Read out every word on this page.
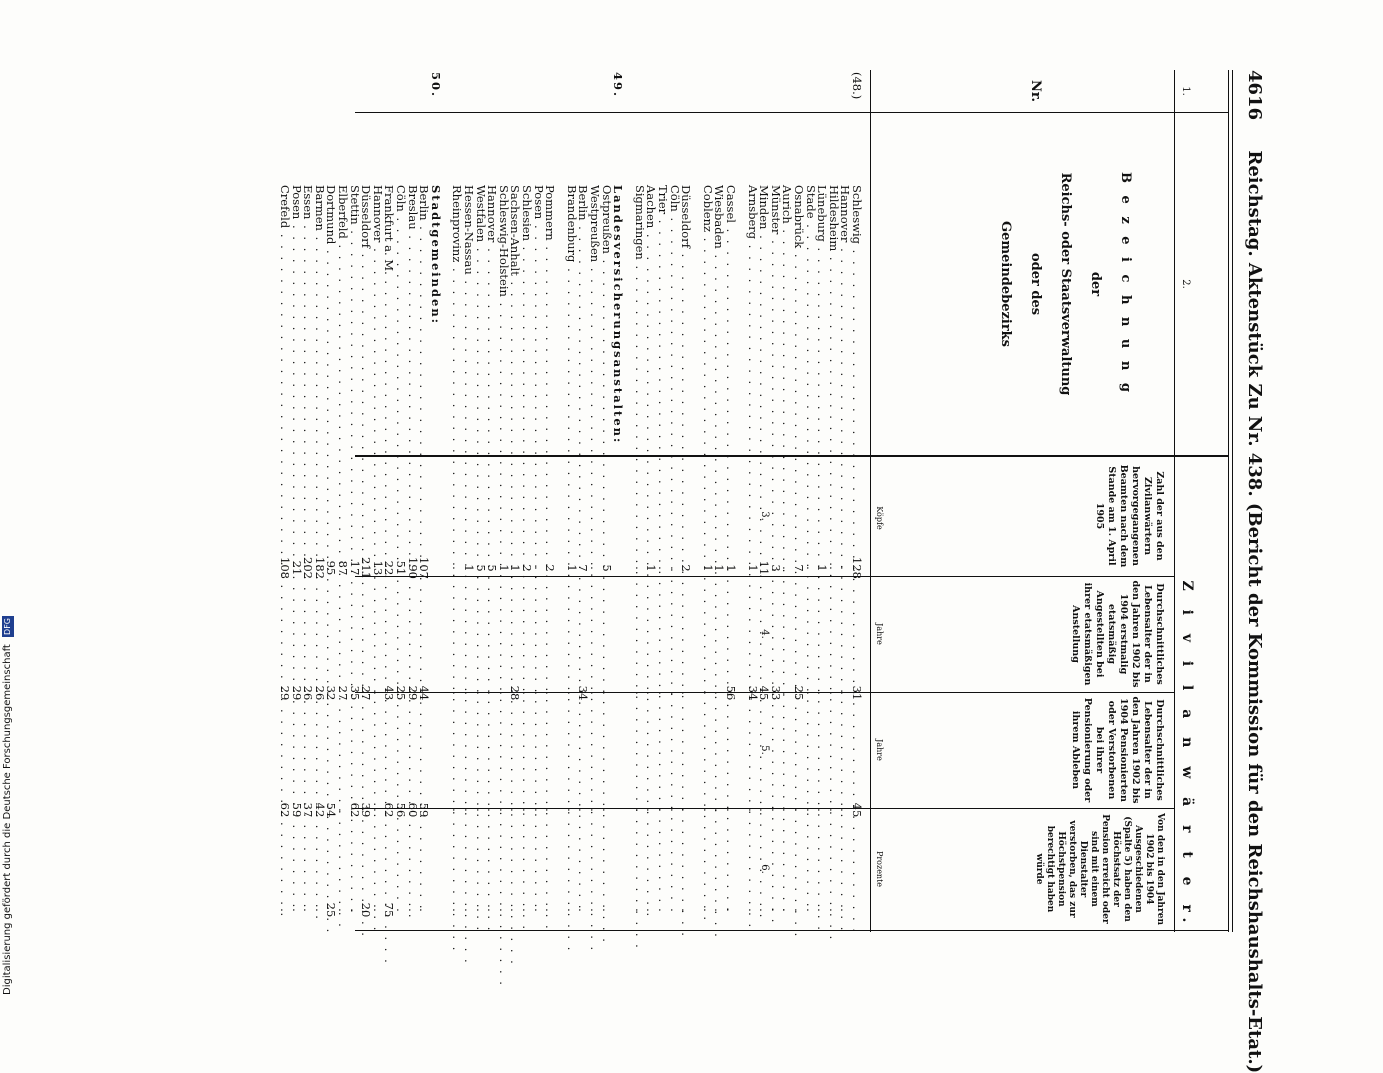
4616 Reichstag. Aktenstück Zu Nr. 438. (Bericht der Kommission für den Reichshaushalts-Etat.)
1.
2.
3.
4.
5.
6.
Nr.
B e z e i c h n u n g
der
Reichs- oder Staatsverwaltung
oder des
Gemeindebezirks
Z i v i l a n w ä r t e r.
Zahl der aus den Zivilanwärtern hervorgegangenen Beamten nach dem Stande am 1. April 1905
Durchschnittliches Lebensalter der in den Jahren 1902 bis 1904 erstmalig etatsmäßig Angestellten bei ihrer etatsmäßigen Anstellung
Durchschnittliches Lebensalter der in den Jahren 1902 bis 1904 Pensionierten oder Verstorbenen bei ihrer Pensionierung oder ihrem Ableben
Von den in den Jahren 1902 bis 1904 Ausgeschiedenen (Spalte 5) haben den Höchstsatz der Pension erreicht oder sind mit einem Dienstalter verstorben, das zur Höchstpension berechtigt haben würde
Köpfe
Jahre
Jahre
Prozente
(48.)
Schleswig . . .
128
31
45
Hannover . . .
.
.
.
.
Hildesheim . . .
.
.
.
.
Lüneburg . . .
1
.
.
.
Stade . . .
.
.
.
.
Osnabrück . . .
7
25
.
.
Aurich . . .
.
.
.
.
Münster . . .
3
33
.
.
Minden . . .
11
45
.
.
Arnsberg . . .
1
34
.
.
Cassel . . .
1
56
.
.
Wiesbaden . . .
1
.
.
.
Coblenz . . .
1
.
.
.
Düsseldorf . . .
2
.
.
.
Cöln . . .
.
.
.
.
Trier . . .
.
.
.
.
Aachen . . .
1
.
.
.
Sigmaringen . . .
.
.
.
.
49.
Landesversicherungsanstalten:
Ostpreußen . . .
5
.
.
.
Westpreußen . . .
.
.
.
.
Berlin . . .
7
34
.
.
Brandenburg . . .
1
.
.
.
Pommern . . .
2
.
.
.
Posen . . .
.
.
.
.
Schlesien . . .
2
.
.
.
Sachsen-Anhalt . . .
1
28
.
.
Schleswig-Holstein . . .
1
.
.
.
Hannover . . .
5
.
.
.
Westfalen . . .
5
.
.
.
Hessen-Nassau . . .
1
.
.
.
Rheinprovinz . . .
.
.
.
.
50.
Stadtgemeinden:
Berlin . . .
107
44
59
.
Breslau . . .
190
29
60
.
Cöln . . .
51
25
56
.
Frankfurt a. M. . . .
22
43
62
75
Hannover . . .
13
.
.
.
Düsseldorf . . .
211
27
39
20
Stettin . . .
17
35
62
.
Elberfeld . . .
87
27
.
.
Dortmund . . .
95
32
54
25
Barmen . . .
182
26
42
.
Essen . . .
202
26
37
.
Posen . . .
21
29
59
.
Crefeld . . .
108
29
62
.
Digitalisierung gefördert durch die Deutsche Forschungsgemeinschaft DFG
